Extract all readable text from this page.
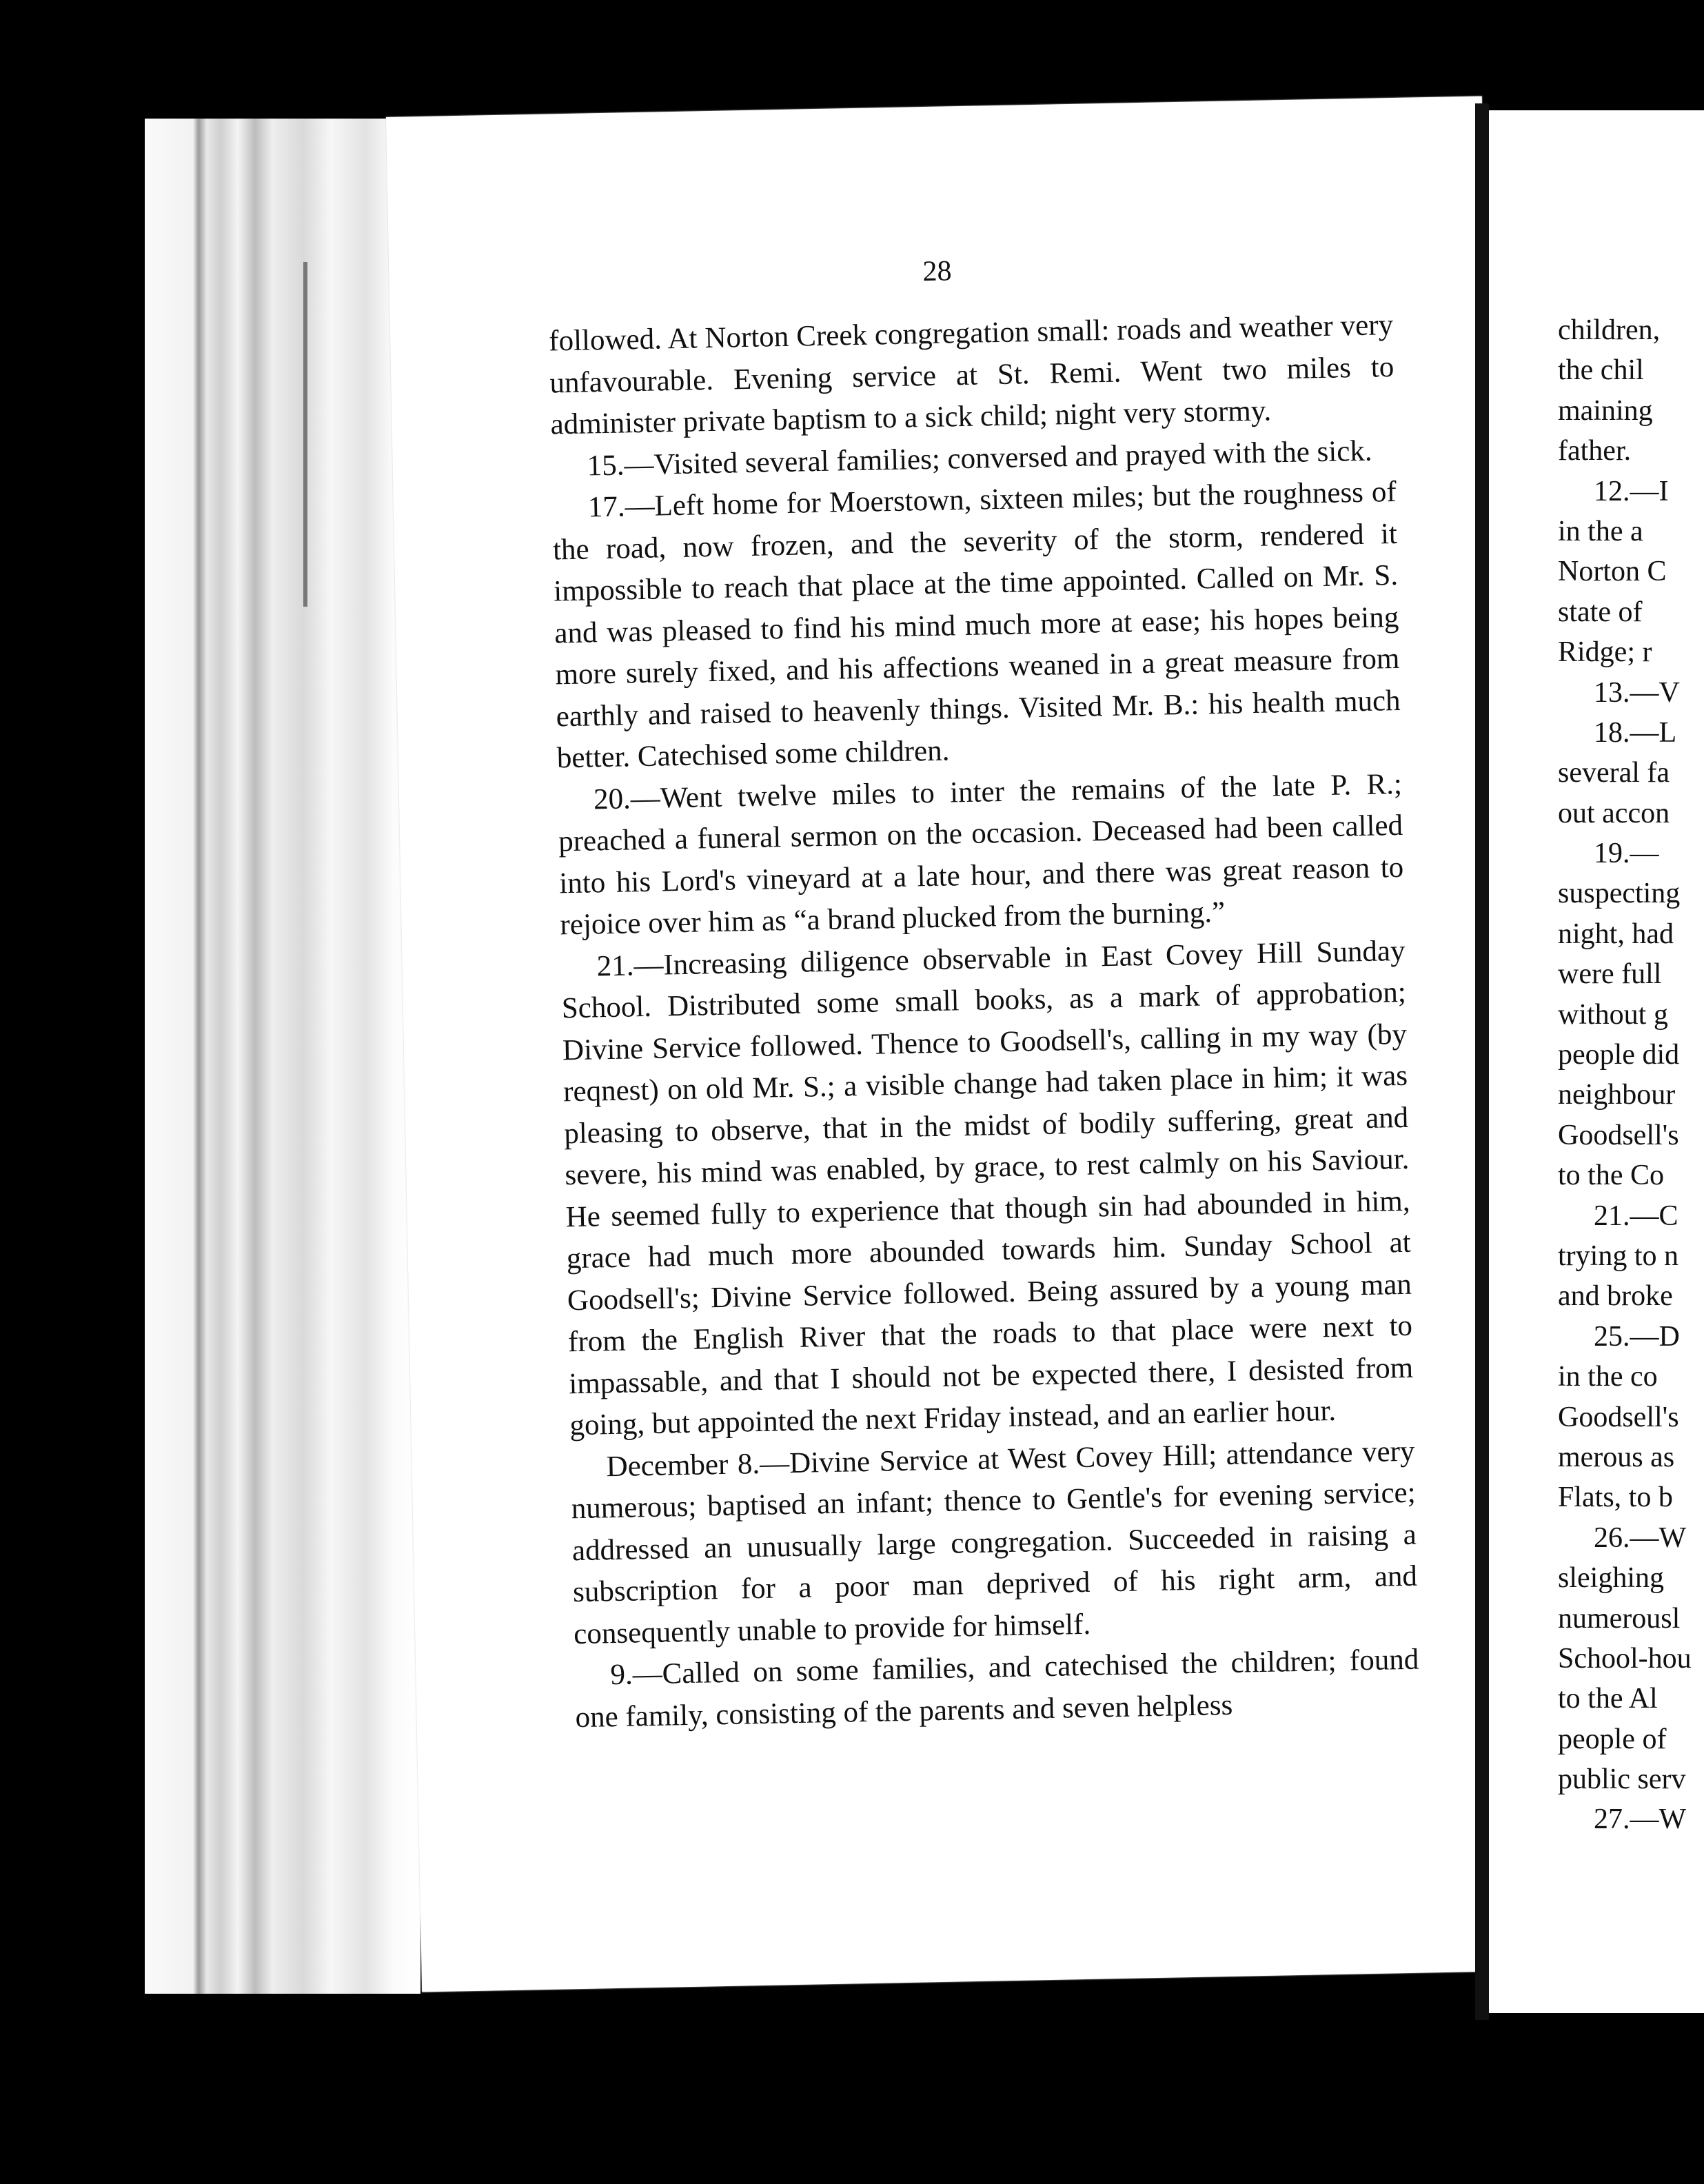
28

followed. At Norton Creek congregation small: roads and weather very unfavourable. Evening service at St. Remi. Went two miles to administer private baptism to a sick child; night very stormy.

15.—Visited several families; conversed and prayed with the sick.

17.—Left home for Moerstown, sixteen miles; but the roughness of the road, now frozen, and the severity of the storm, rendered it impossible to reach that place at the time appointed. Called on Mr. S. and was pleased to find his mind much more at ease; his hopes being more surely fixed, and his affections weaned in a great measure from earthly and raised to heavenly things. Visited Mr. B.: his health much better. Catechised some children.

20.—Went twelve miles to inter the remains of the late P. R.; preached a funeral sermon on the occasion. Deceased had been called into his Lord's vineyard at a late hour, and there was great reason to rejoice over him as “a brand plucked from the burning.”

21.—Increasing diligence observable in East Covey Hill Sunday School. Distributed some small books, as a mark of approbation; Divine Service followed. Thence to Goodsell's, calling in my way (by reqnest) on old Mr. S.; a visible change had taken place in him; it was pleasing to observe, that in the midst of bodily suffering, great and severe, his mind was enabled, by grace, to rest calmly on his Saviour. He seemed fully to experience that though sin had abounded in him, grace had much more abounded towards him. Sunday School at Goodsell's; Divine Service followed. Being assured by a young man from the English River that the roads to that place were next to impassable, and that I should not be expected there, I desisted from going, but appointed the next Friday instead, and an earlier hour.

December 8.—Divine Service at West Covey Hill; attendance very numerous; baptised an infant; thence to Gentle's for evening service; addressed an unusually large congregation. Succeeded in raising a subscription for a poor man deprived of his right arm, and consequently unable to provide for himself.

9.—Called on some families, and catechised the children; found one family, consisting of the parents and seven helpless

children,
the chil
maining
father.
12.—I
in the a
Norton C
state of
Ridge; r
13.—V
18.—L
several fa
out accon
19.—
suspecting
night, had
were full
without g
people did
neighbour
Goodsell's
to the Co
21.—C
trying to n
and broke
25.—D
in the co
Goodsell's
merous as
Flats, to b
26.—W
sleighing
numerousl
School-hou
to the Al
people of
public serv
27.—W
